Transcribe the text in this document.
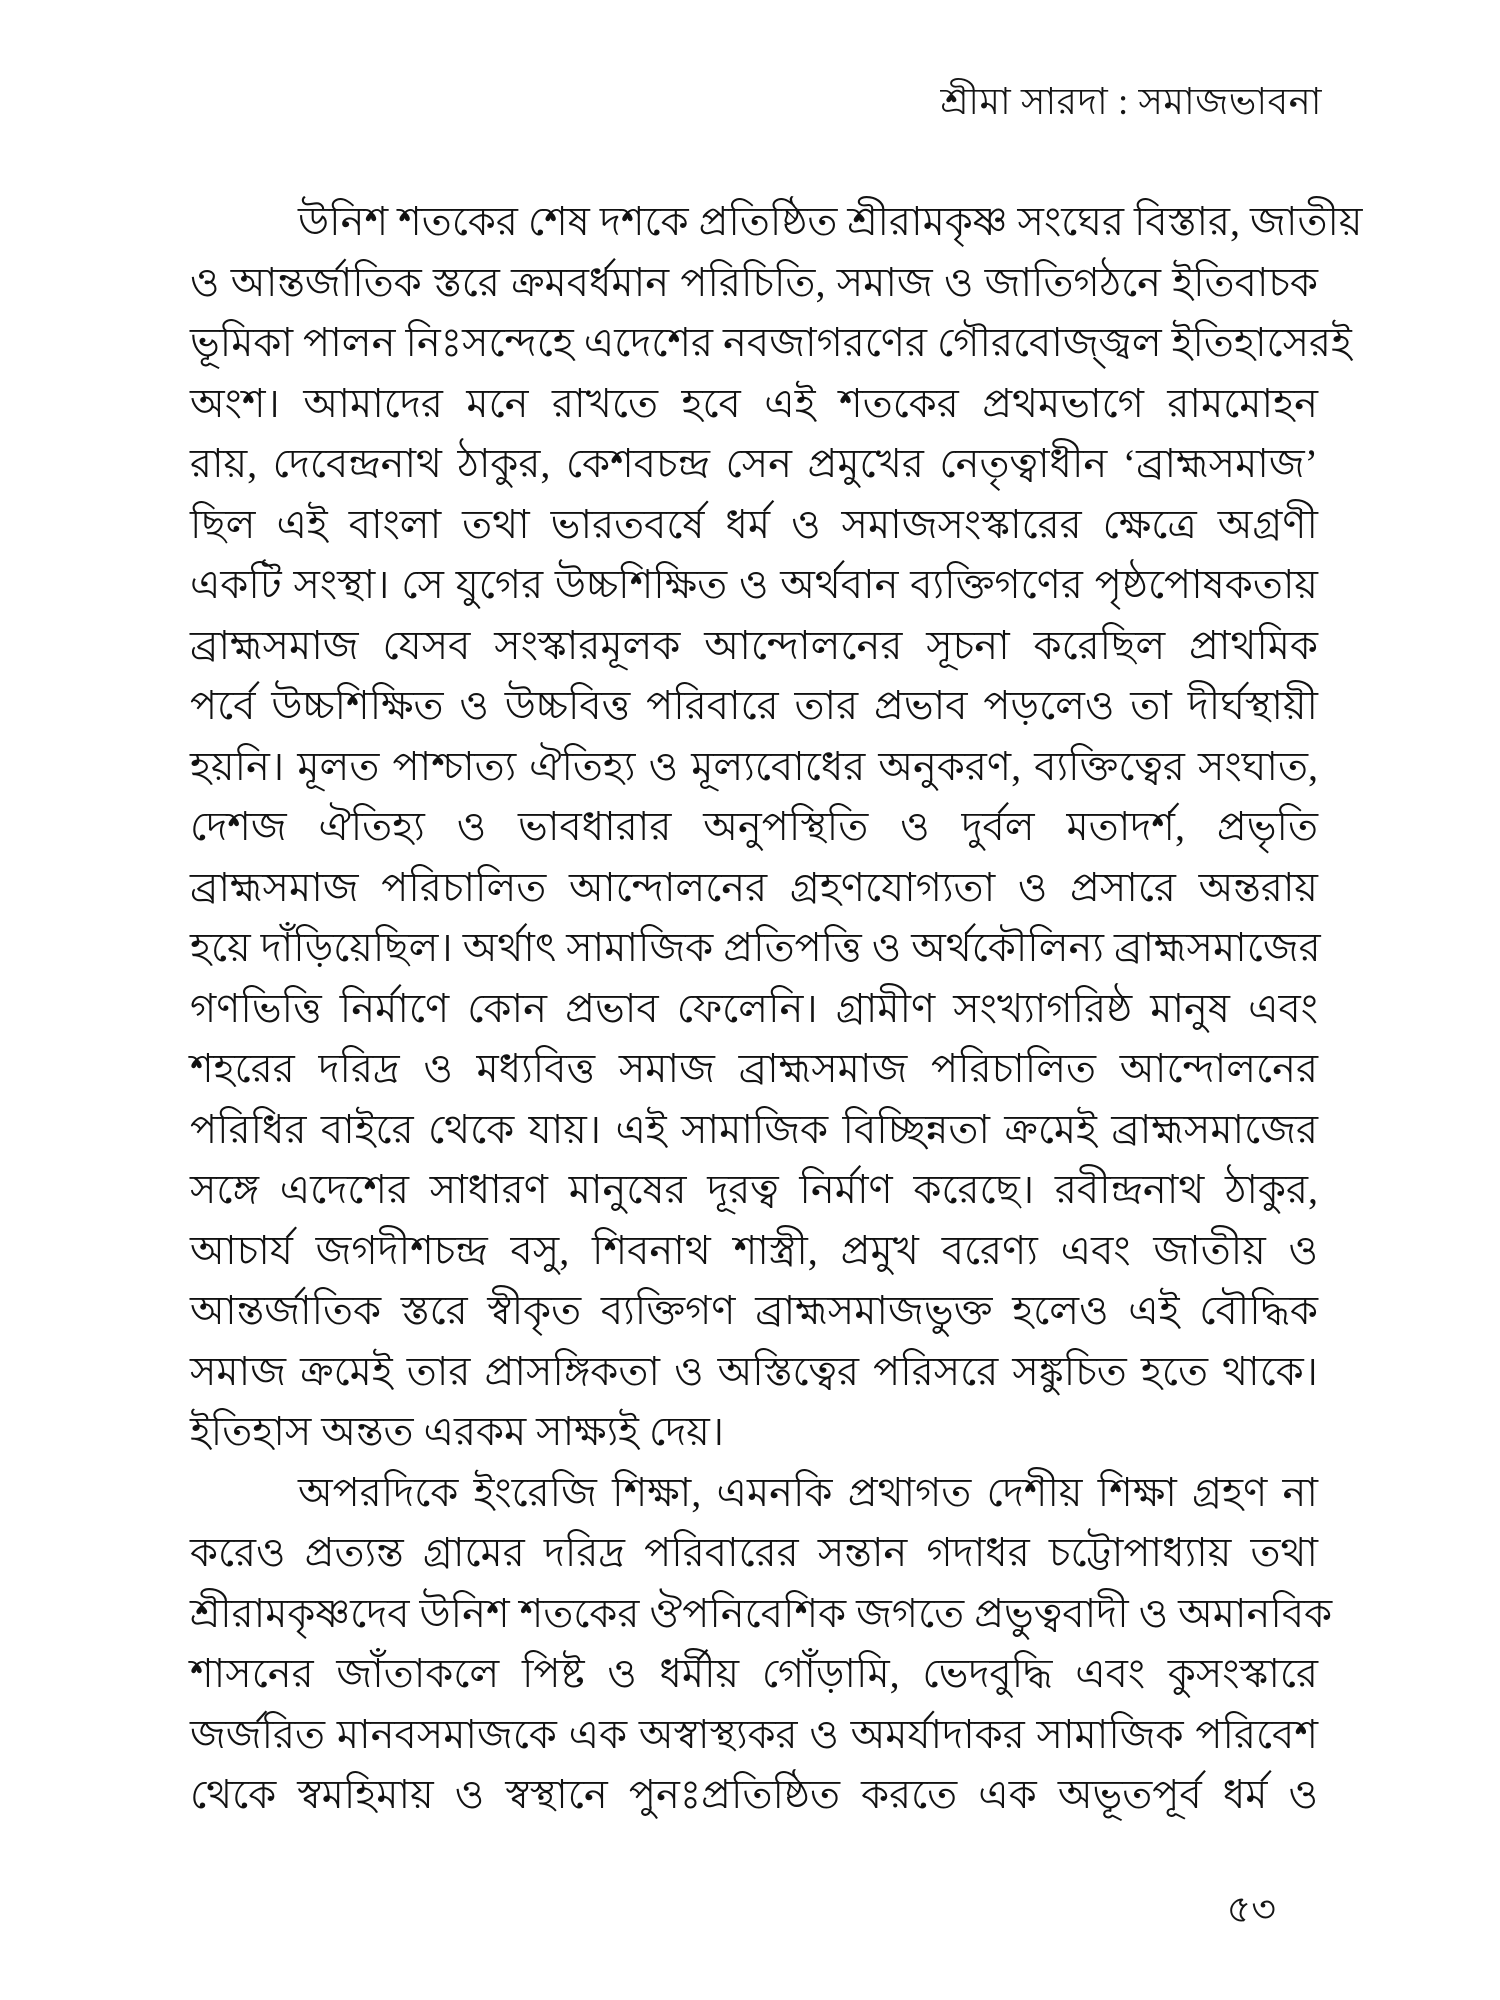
শ্রীমা সারদা : সমাজভাবনা
উনিশ শতকের শেষ দশকে প্রতিষ্ঠিত শ্রীরামকৃষ্ণ সংঘের বিস্তার, জাতীয়
ও আন্তর্জাতিক স্তরে ক্রমবর্ধমান পরিচিতি, সমাজ ও জাতিগঠনে ইতিবাচক
ভূমিকা পালন নিঃসন্দেহে এদেশের নবজাগরণের গৌরবোজ্জ্বল ইতিহাসেরই
অংশ। আমাদের মনে রাখতে হবে এই শতকের প্রথমভাগে রামমোহন
রায়, দেবেন্দ্রনাথ ঠাকুর, কেশবচন্দ্র সেন প্রমুখের নেতৃত্বাধীন ‘ব্রাহ্মসমাজ’
ছিল এই বাংলা তথা ভারতবর্ষে ধর্ম ও সমাজসংস্কারের ক্ষেত্রে অগ্রণী
একটি সংস্থা। সে যুগের উচ্চশিক্ষিত ও অর্থবান ব্যক্তিগণের পৃষ্ঠপোষকতায়
ব্রাহ্মসমাজ যেসব সংস্কারমূলক আন্দোলনের সূচনা করেছিল প্রাথমিক
পর্বে উচ্চশিক্ষিত ও উচ্চবিত্ত পরিবারে তার প্রভাব পড়লেও তা দীর্ঘস্থায়ী
হয়নি। মূলত পাশ্চাত্য ঐতিহ্য ও মূল্যবোধের অনুকরণ, ব্যক্তিত্বের সংঘাত,
দেশজ ঐতিহ্য ও ভাবধারার অনুপস্থিতি ও দুর্বল মতাদর্শ, প্রভৃতি
ব্রাহ্মসমাজ পরিচালিত আন্দোলনের গ্রহণযোগ্যতা ও প্রসারে অন্তরায়
হয়ে দাঁড়িয়েছিল। অর্থাৎ সামাজিক প্রতিপত্তি ও অর্থকৌলিন্য ব্রাহ্মসমাজের
গণভিত্তি নির্মাণে কোন প্রভাব ফেলেনি। গ্রামীণ সংখ্যাগরিষ্ঠ মানুষ এবং
শহরের দরিদ্র ও মধ্যবিত্ত সমাজ ব্রাহ্মসমাজ পরিচালিত আন্দোলনের
পরিধির বাইরে থেকে যায়। এই সামাজিক বিচ্ছিন্নতা ক্রমেই ব্রাহ্মসমাজের
সঙ্গে এদেশের সাধারণ মানুষের দূরত্ব নির্মাণ করেছে। রবীন্দ্রনাথ ঠাকুর,
আচার্য জগদীশচন্দ্র বসু, শিবনাথ শাস্ত্রী, প্রমুখ বরেণ্য এবং জাতীয় ও
আন্তর্জাতিক স্তরে স্বীকৃত ব্যক্তিগণ ব্রাহ্মসমাজভুক্ত হলেও এই বৌদ্ধিক
সমাজ ক্রমেই তার প্রাসঙ্গিকতা ও অস্তিত্বের পরিসরে সঙ্কুচিত হতে থাকে।
ইতিহাস অন্তত এরকম সাক্ষ্যই দেয়।
অপরদিকে ইংরেজি শিক্ষা, এমনকি প্রথাগত দেশীয় শিক্ষা গ্রহণ না
করেও প্রত্যন্ত গ্রামের দরিদ্র পরিবারের সন্তান গদাধর চট্টোপাধ্যায় তথা
শ্রীরামকৃষ্ণদেব উনিশ শতকের ঔপনিবেশিক জগতে প্রভুত্ববাদী ও অমানবিক
শাসনের জাঁতাকলে পিষ্ট ও ধর্মীয় গোঁড়ামি, ভেদবুদ্ধি এবং কুসংস্কারে
জর্জরিত মানবসমাজকে এক অস্বাস্থ্যকর ও অমর্যাদাকর সামাজিক পরিবেশ
থেকে স্বমহিমায় ও স্বস্থানে পুনঃপ্রতিষ্ঠিত করতে এক অভূতপূর্ব ধর্ম ও
৫৩
